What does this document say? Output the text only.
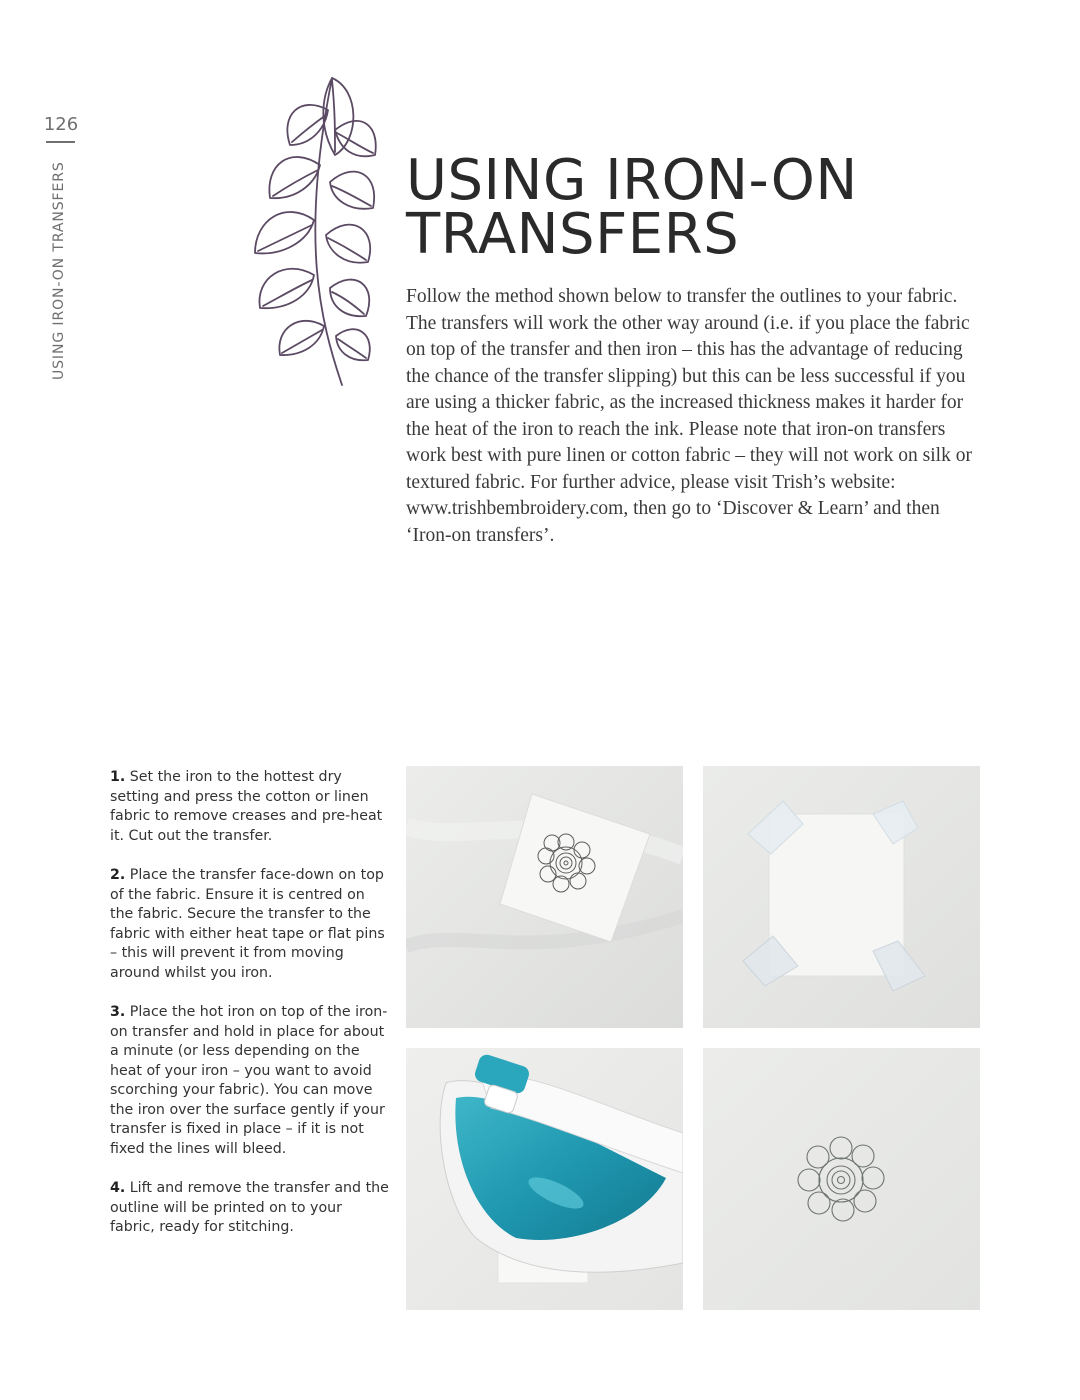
126
USING IRON-ON TRANSFERS	USING IRON-ON
TRANSFERS

Follow the method shown below to transfer the outlines to your fabric. The transfers will work the other way around (i.e. if you place the fabric on top of the transfer and then iron – this has the advantage of reducing the chance of the transfer slipping) but this can be less successful if you are using a thicker fabric, as the increased thickness makes it harder for the heat of the iron to reach the ink. Please note that iron-on transfers work best with pure linen or cotton fabric – they will not work on silk or textured fabric. For further advice, please visit Trish’s website: www.trishbembroidery.com, then go to ‘Discover & Learn’ and then ‘Iron-on transfers’.

1. Set the iron to the hottest dry setting and press the cotton or linen fabric to remove creases and pre-heat it. Cut out the transfer.

2. Place the transfer face-down on top of the fabric. Ensure it is centred on the fabric. Secure the transfer to the fabric with either heat tape or flat pins – this will prevent it from moving around whilst you iron.

3. Place the hot iron on top of the iron-on transfer and hold in place for about a minute (or less depending on the heat of your iron – you want to avoid scorching your fabric). You can move the iron over the surface gently if your transfer is fixed in place – if it is not fixed the lines will bleed.

4. Lift and remove the transfer and the outline will be printed on to your fabric, ready for stitching.
